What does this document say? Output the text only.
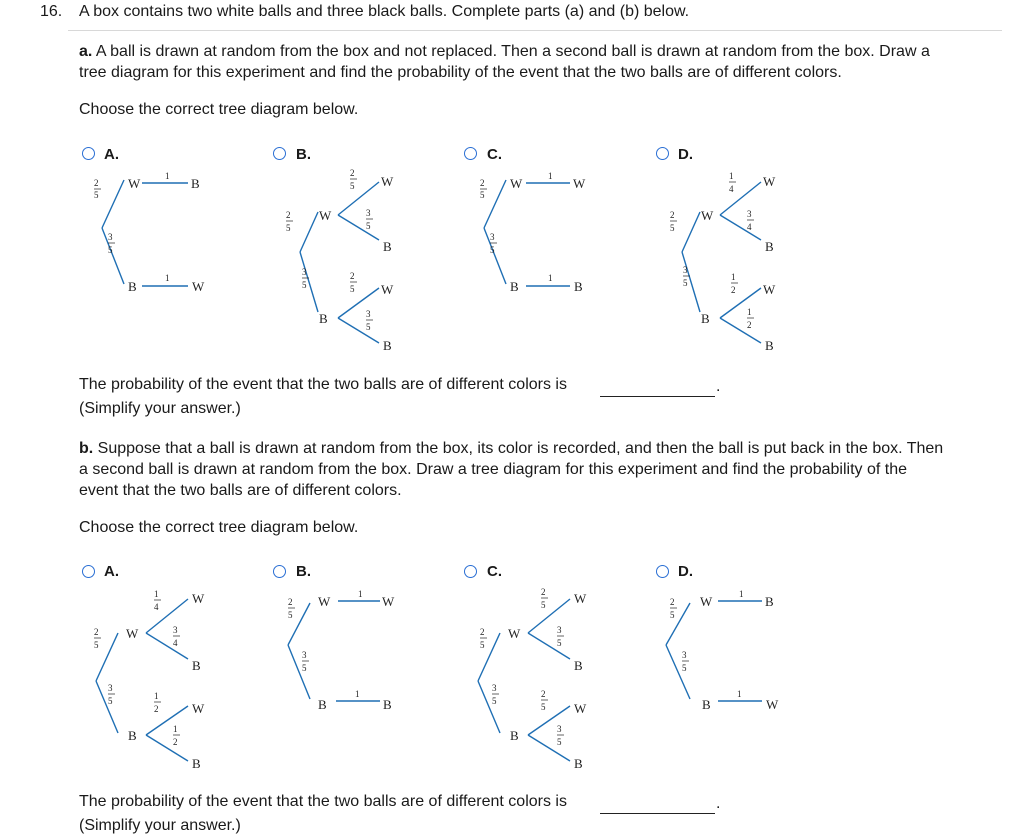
16. A box contains two white balls and three black balls. Complete parts (a) and (b) below.
a. A ball is drawn at random from the box and not replaced. Then a second ball is drawn at random from the box. Draw a
tree diagram for this experiment and find the probability of the event that the two balls are of different colors.
Choose the correct tree diagram below.
A.	B.	C.	D.
2
5
3
5
W	1 B
B
1
W
2
5
3
5
W
2
5
3
5
W
B
B
2
5
3
5
W
B
2
5
3
5
W	1 W
B
1
B
2
5
3
5
W
1
4
3
4
W
B
B
1
2
1
2
W
B
The probability of the event that the two balls are of different colors is	.
(Simplify your answer.)
b. Suppose that a ball is drawn at random from the box, its color is recorded, and then the ball is put back in the box. Then
a second ball is drawn at random from the box. Draw a tree diagram for this experiment and find the probability of the
event that the two balls are of different colors.
Choose the correct tree diagram below.
A.	B.	C.	D.
2
5
3
5
W
1
4
3
4
W
B
B
1
2
1
2
W
B
2
5
3
5
W	1 W
B
1
B
2
5
3
5
W
2
5
3
5
W
B
B
2
5
3
5
W
B
2
5
3
5
W	1 B
B
1
W
The probability of the event that the two balls are of different colors is	.
(Simplify your answer.)
